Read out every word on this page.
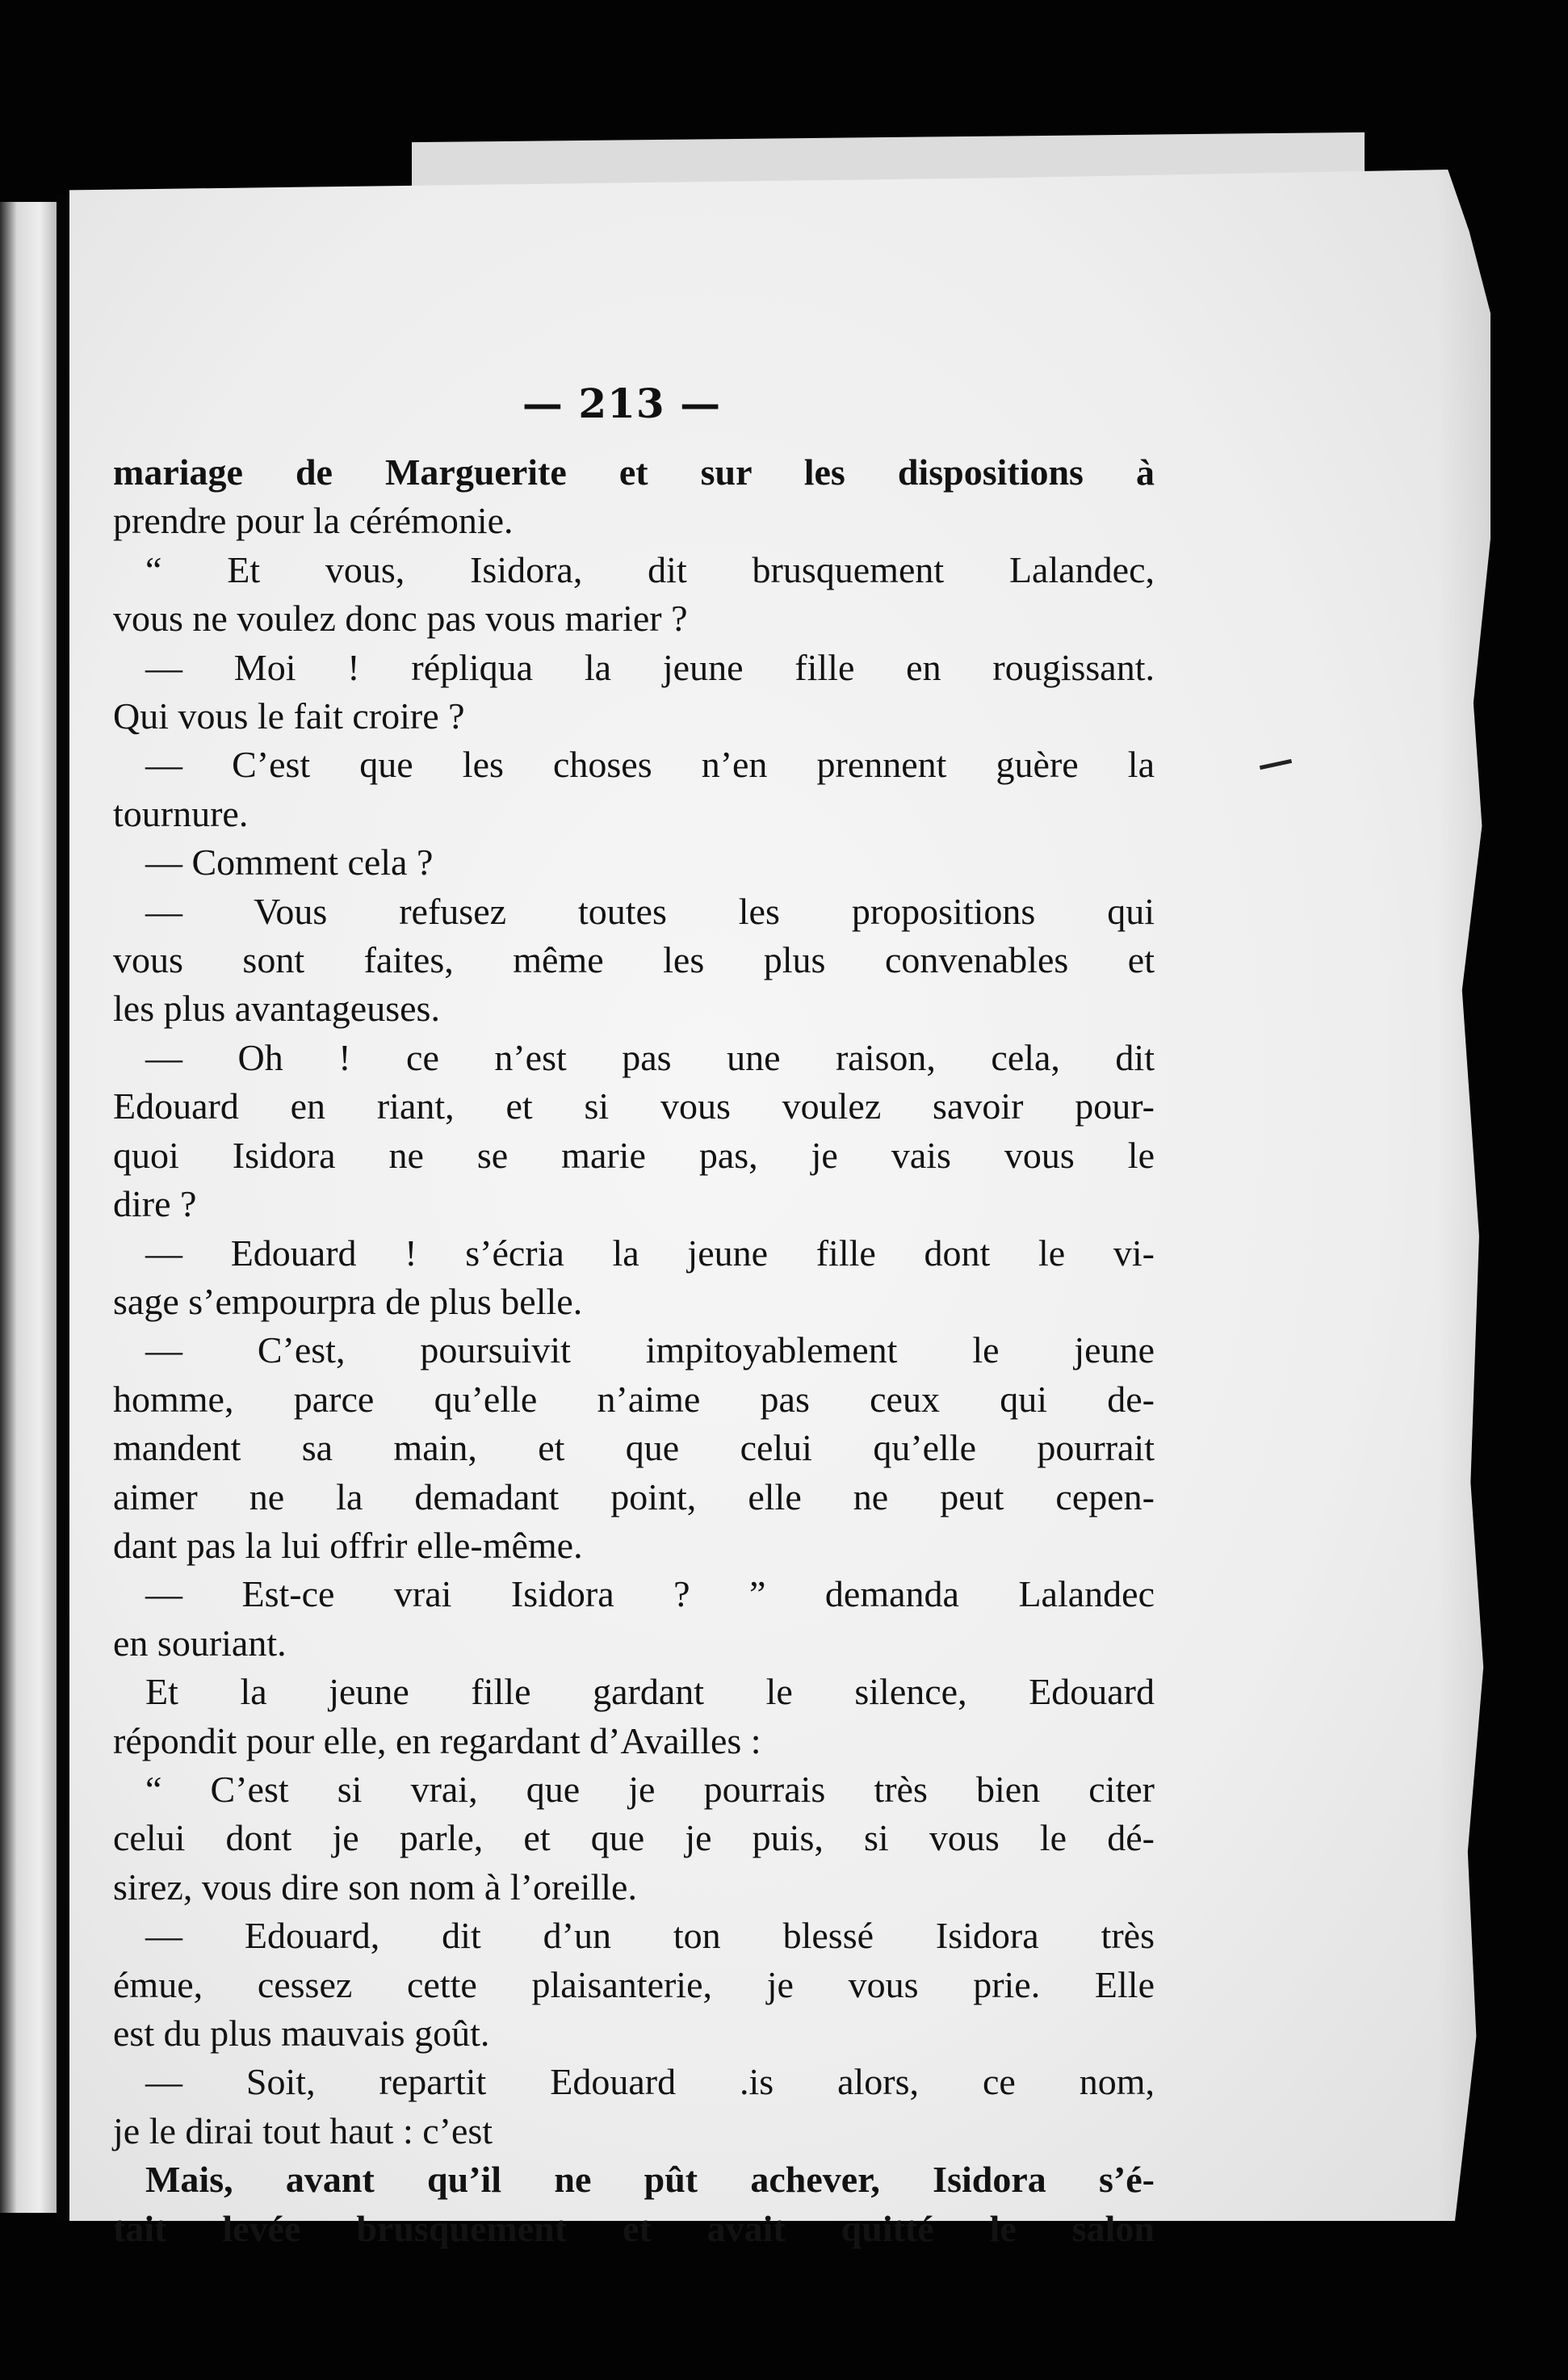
— 213 —
mariage de Marguerite et sur les dispositions à
prendre pour la cérémonie.
“ Et vous, Isidora, dit brusquement Lalandec,
vous ne voulez donc pas vous marier ?
— Moi ! répliqua la jeune fille en rougissant.
Qui vous le fait croire ?
— C’est que les choses n’en prennent guère la
tournure.
— Comment cela ?
— Vous refusez toutes les propositions qui
vous sont faites, même les plus convenables et
les plus avantageuses.
— Oh ! ce n’est pas une raison, cela, dit
Edouard en riant, et si vous voulez savoir pour-
quoi Isidora ne se marie pas, je vais vous le
dire ?
— Edouard ! s’écria la jeune fille dont le vi-
sage s’empourpra de plus belle.
— C’est, poursuivit impitoyablement le jeune
homme, parce qu’elle n’aime pas ceux qui de-
mandent sa main, et que celui qu’elle pourrait
aimer ne la demadant point, elle ne peut cepen-
dant pas la lui offrir elle-même.
— Est-ce vrai Isidora ? ” demanda Lalandec
en souriant.
Et la jeune fille gardant le silence, Edouard
répondit pour elle, en regardant d’Availles :
“ C’est si vrai, que je pourrais très bien citer
celui dont je parle, et que je puis, si vous le dé-
sirez, vous dire son nom à l’oreille.
— Edouard, dit d’un ton blessé Isidora très
émue, cessez cette plaisanterie, je vous prie. Elle
est du plus mauvais goût.
— Soit, repartit Edouard .is alors, ce nom,
je le dirai tout haut : c’est
Mais, avant qu’il ne pût achever, Isidora s’é-
tait levée brusquement et avait quitté le salon
